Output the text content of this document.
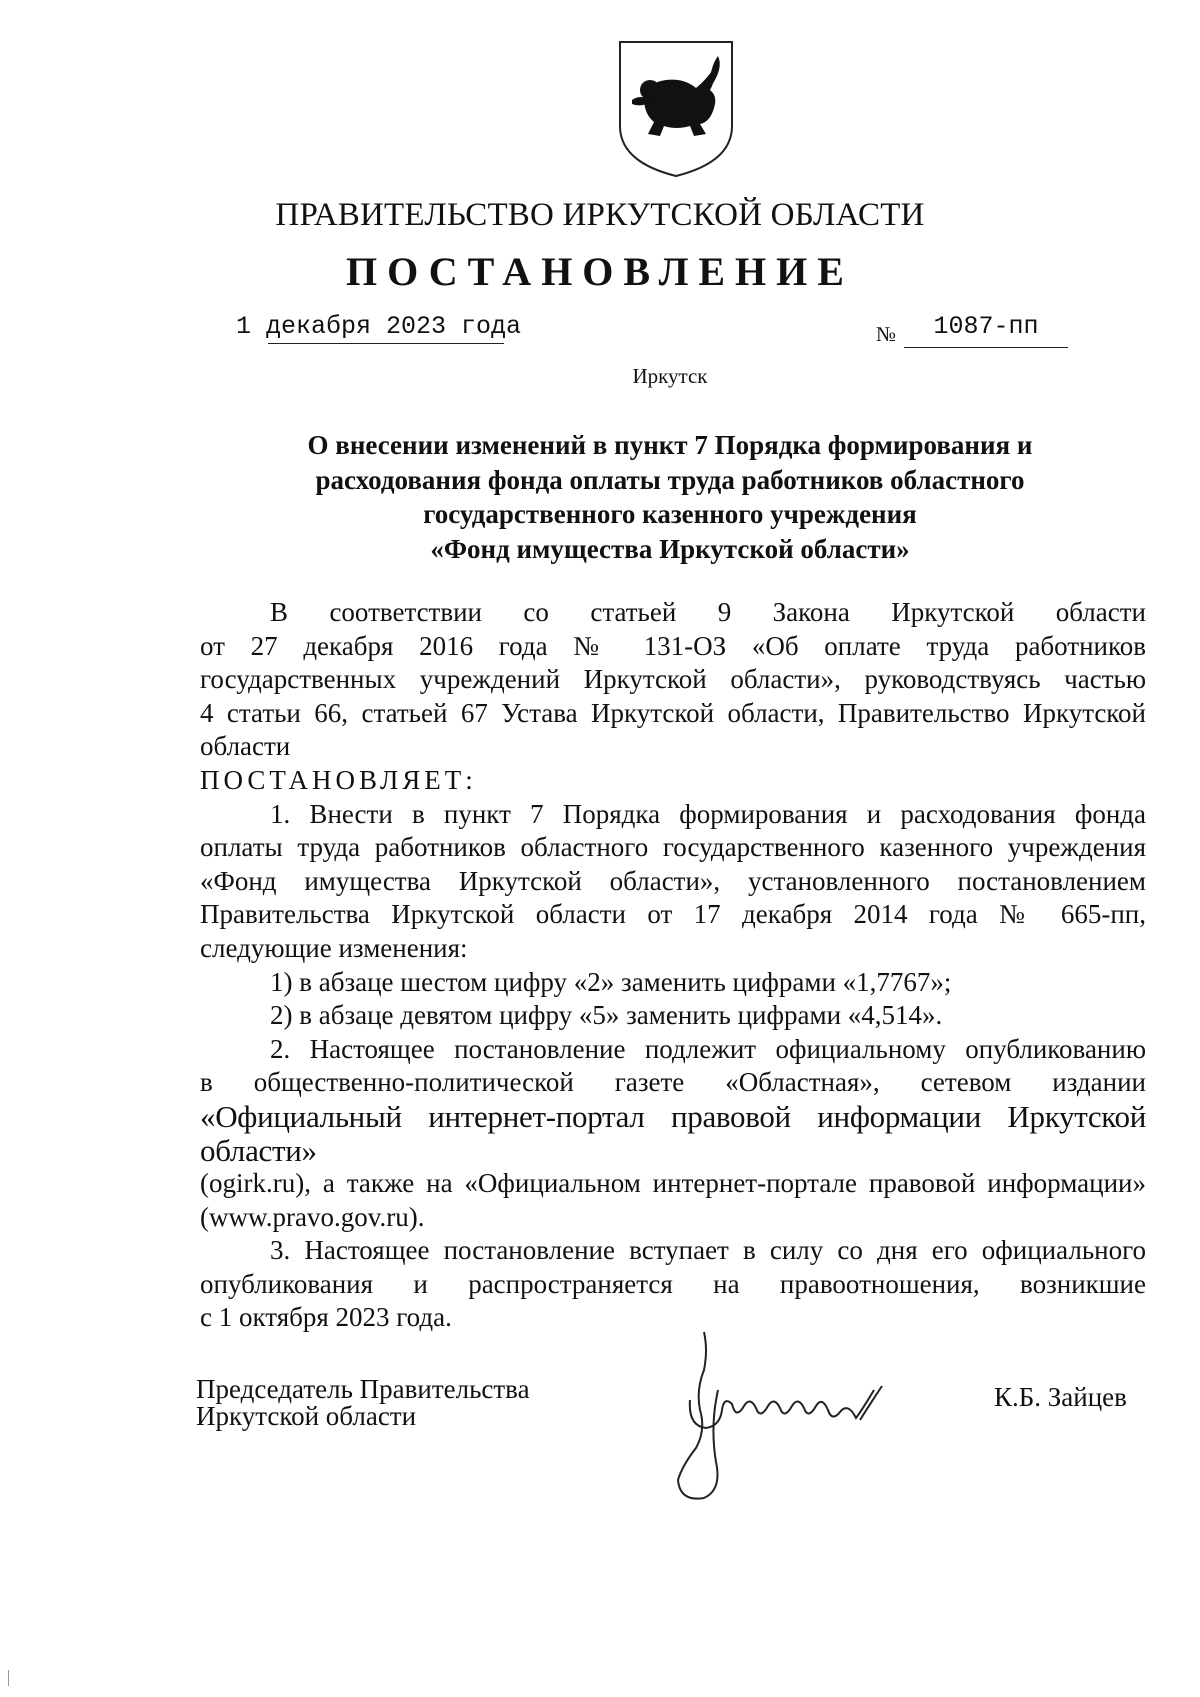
ПРАВИТЕЛЬСТВО ИРКУТСКОЙ ОБЛАСТИ
ПОСТАНОВЛЕНИЕ
1 декабря 2023 года	№	1087-пп
Иркутск
О внесении изменений в пункт 7 Порядка формирования и
расходования фонда оплаты труда работников областного
государственного казенного учреждения
«Фонд имущества Иркутской области»

В соответствии со статьей 9 Закона Иркутской области

от 27 декабря 2016 года № 131-ОЗ «Об оплате труда работников

государственных учреждений Иркутской области», руководствуясь частью

4 статьи 66, статьей 67 Устава Иркутской области, Правительство Иркутской

области

ПОСТАНОВЛЯЕТ:

1. Внести в пункт 7 Порядка формирования и расходования фонда

оплаты труда работников областного государственного казенного учреждения

«Фонд имущества Иркутской области», установленного постановлением

Правительства Иркутской области от 17 декабря 2014 года № 665-пп,

следующие изменения:

1) в абзаце шестом цифру «2» заменить цифрами «1,7767»;

2) в абзаце девятом цифру «5» заменить цифрами «4,514».

2. Настоящее постановление подлежит официальному опубликованию

в общественно-политической газете «Областная», сетевом издании

«Официальный интернет-портал правовой информации Иркутской области»

(ogirk.ru), а также на «Официальном интернет-портале правовой информации»

(www.pravo.gov.ru).

3. Настоящее постановление вступает в силу со дня его официального

опубликования и распространяется на правоотношения, возникшие

с 1 октября 2023 года.

Председатель Правительства
Иркутской области
К.Б. Зайцев
